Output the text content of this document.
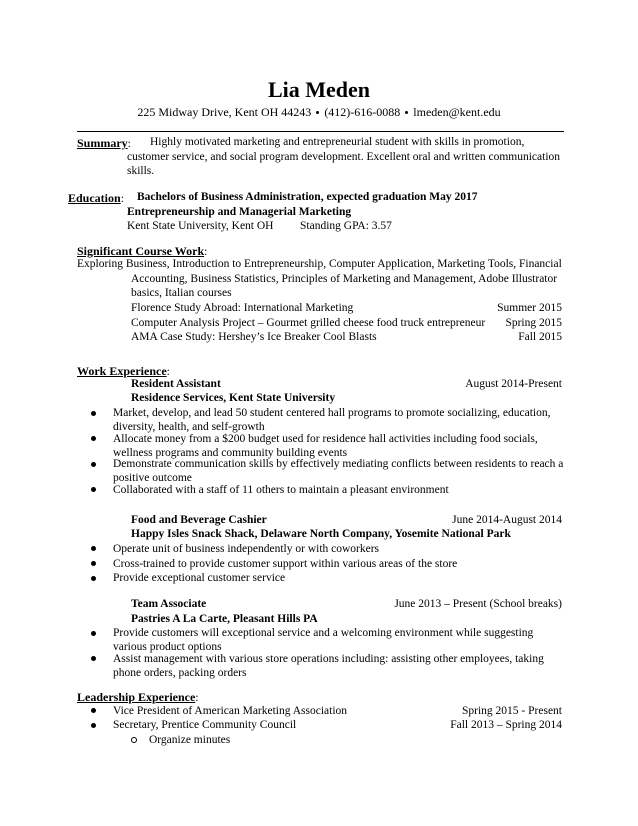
Lia Meden
225 Midway Drive, Kent OH 44243 (412)-616-0088 lmeden@kent.edu
Summary: Highly motivated marketing and entrepreneurial student with skills in promotion,
customer service, and social program development. Excellent oral and written communication
skills.
Education: Bachelors of Business Administration, expected graduation May 2017
Entrepreneurship and Managerial Marketing
Kent State University, Kent OH Standing GPA: 3.57
Significant Course Work:
Exploring Business, Introduction to Entrepreneurship, Computer Application, Marketing Tools, Financial
Accounting, Business Statistics, Principles of Marketing and Management, Adobe Illustrator
basics, Italian courses
Florence Study Abroad: International Marketing	Summer 2015
Computer Analysis Project – Gourmet grilled cheese food truck entrepreneur Spring 2015
AMA Case Study: Hershey’s Ice Breaker Cool Blasts	Fall 2015
Work Experience:
Resident Assistant	August 2014-Present
Residence Services, Kent State University
Market, develop, and lead 50 student centered hall programs to promote socializing, education,
diversity, health, and self-growth
Allocate money from a $200 budget used for residence hall activities including food socials,
wellness programs and community building events
Demonstrate communication skills by effectively mediating conflicts between residents to reach a
positive outcome
Collaborated with a staff of 11 others to maintain a pleasant environment
Food and Beverage Cashier	June 2014-August 2014
Happy Isles Snack Shack, Delaware North Company, Yosemite National Park
Operate unit of business independently or with coworkers
Cross-trained to provide customer support within various areas of the store
Provide exceptional customer service
Team Associate	June 2013 – Present (School breaks)
Pastries A La Carte, Pleasant Hills PA
Provide customers will exceptional service and a welcoming environment while suggesting
various product options
Assist management with various store operations including: assisting other employees, taking
phone orders, packing orders
Leadership Experience:
Vice President of American Marketing Association	Spring 2015 - Present
Secretary, Prentice Community Council	Fall 2013 – Spring 2014
Organize minutes
